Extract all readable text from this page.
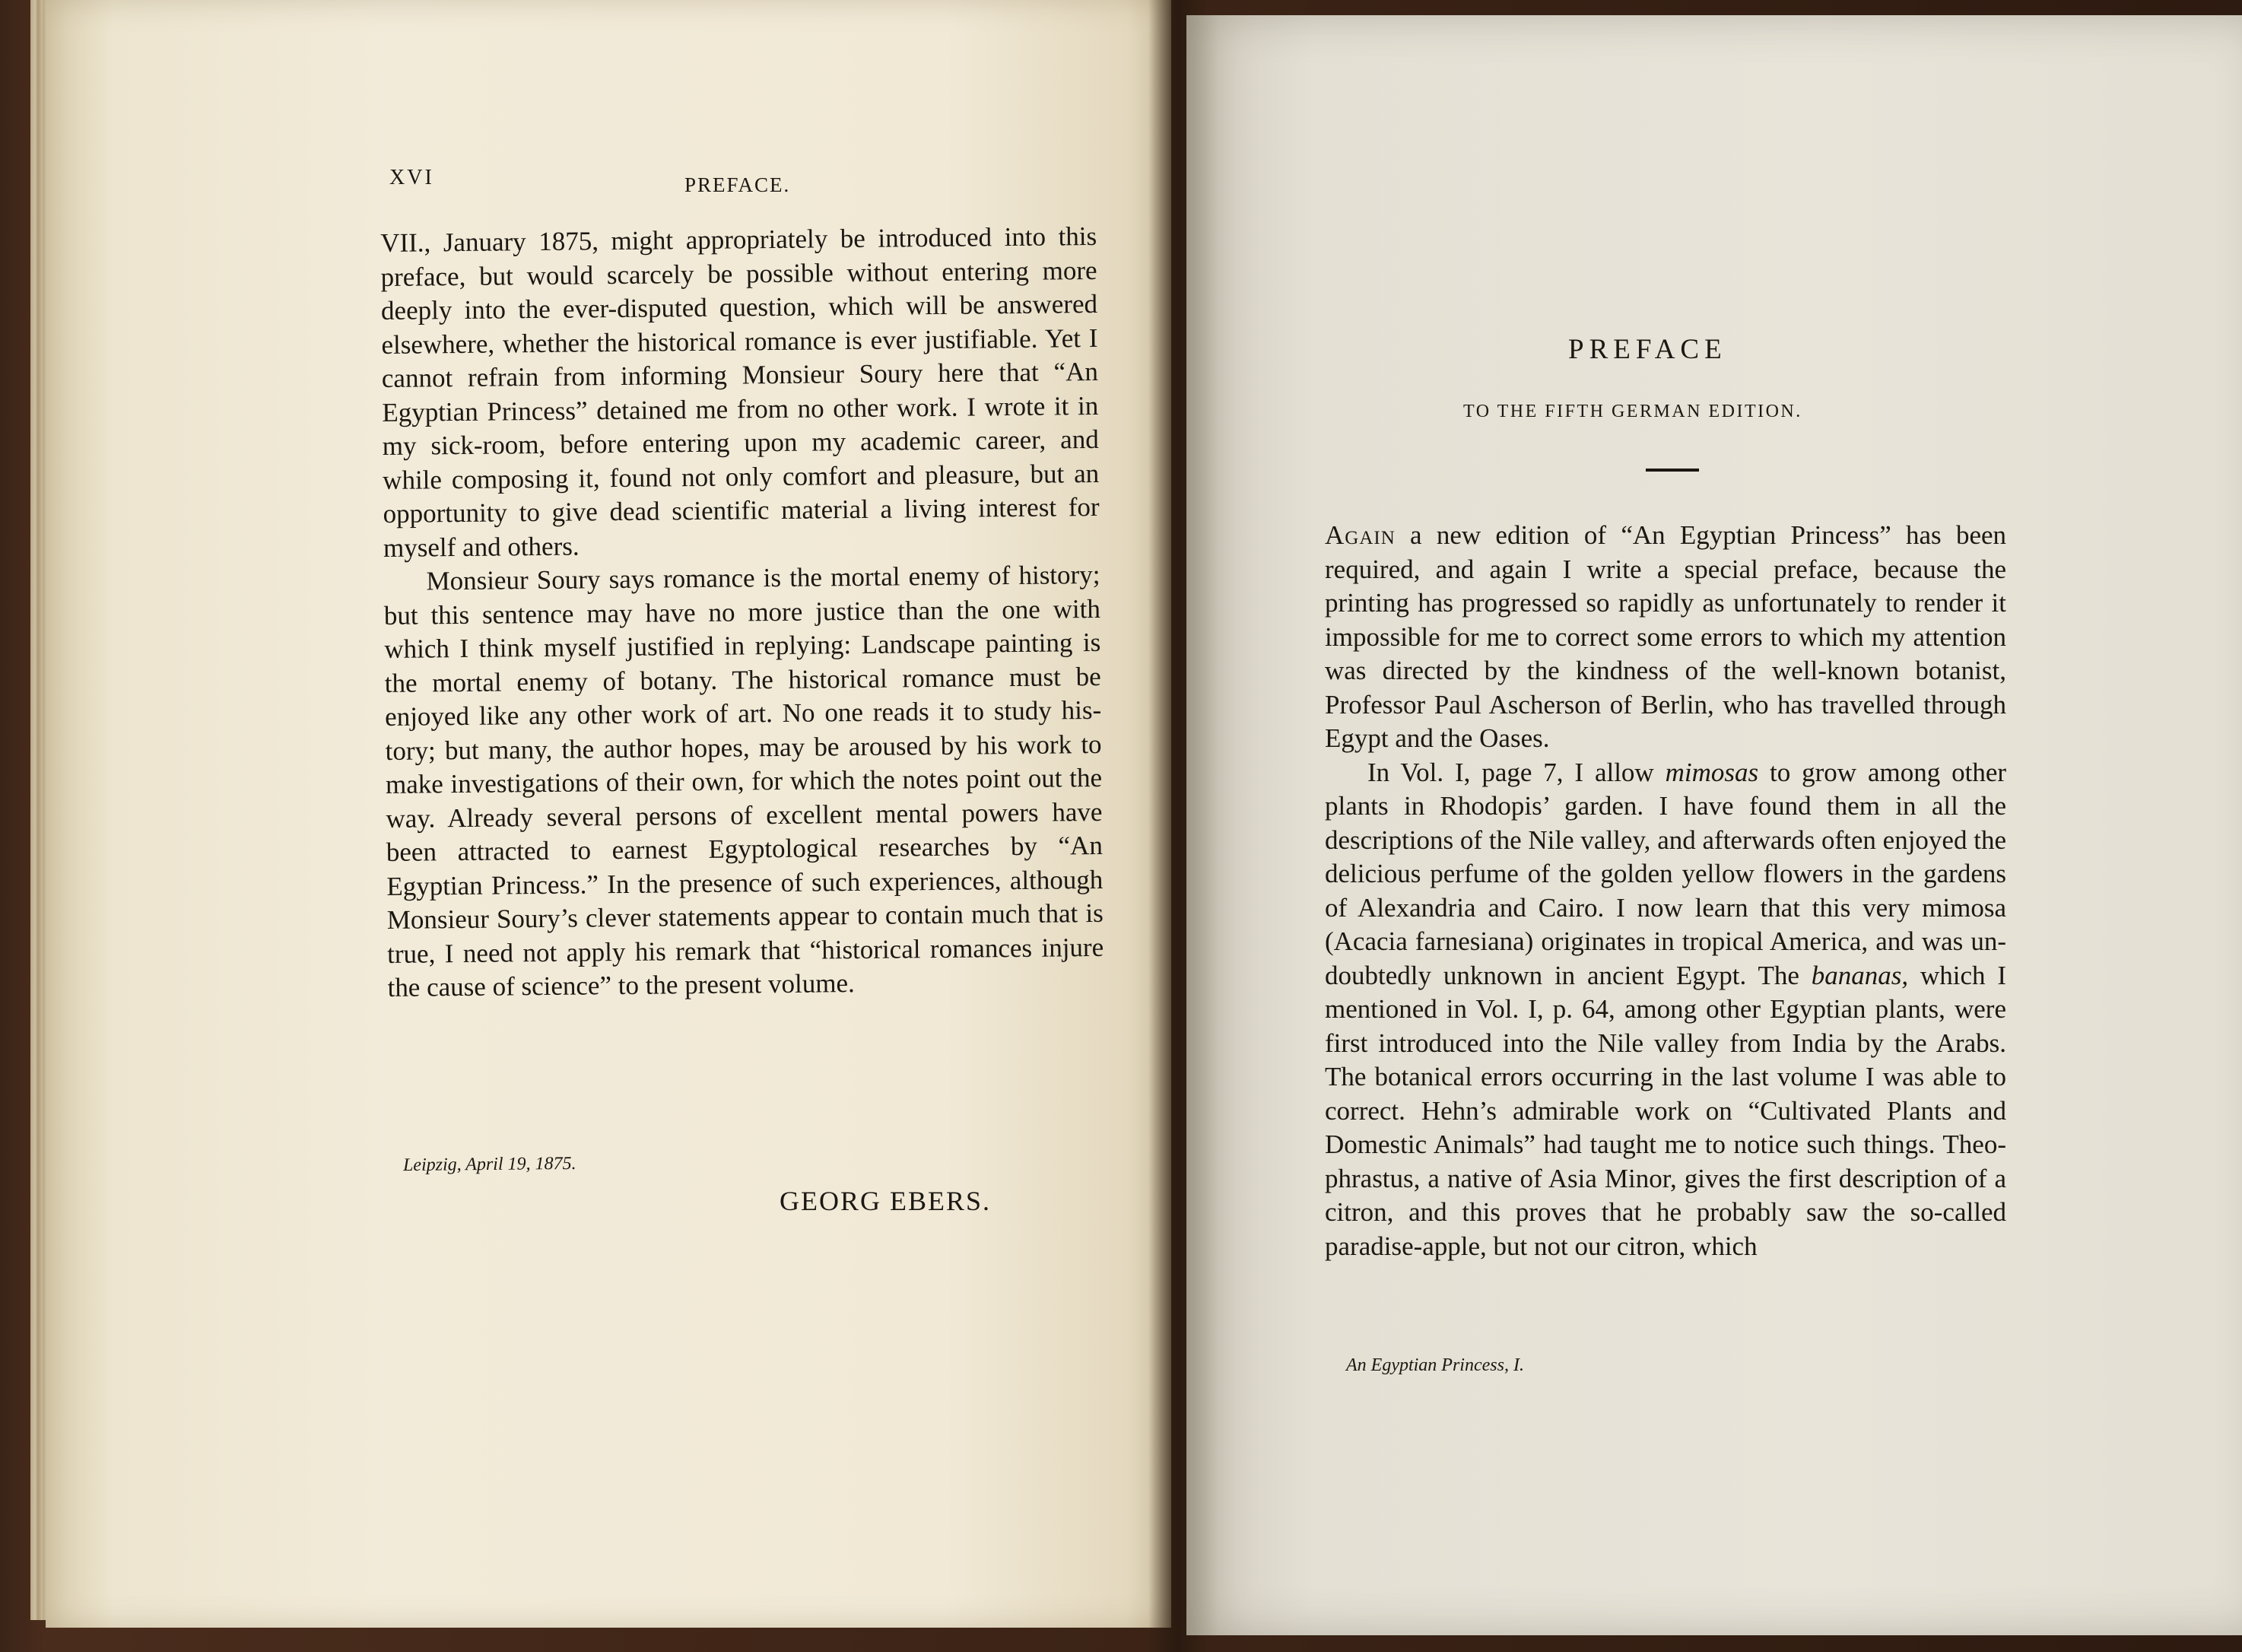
XVI	PREFACE.

VII., January 1875, might appropriately be introduced into this preface, but would scarcely be possible without entering more deeply into the ever-disputed question, which will be answered elsewhere, whether the historical romance is ever justifiable. Yet I cannot refrain from informing Monsieur Soury here that “An Egyptian Princess” detained me from no other work. I wrote it in my sick-room, before entering upon my academic career, and while composing it, found not only comfort and pleasure, but an opportunity to give dead scientific material a living interest for myself and others.

Monsieur Soury says romance is the mortal enemy of history; but this sentence may have no more justice than the one with which I think myself justified in replying: Landscape painting is the mortal enemy of botany. The historical romance must be enjoyed like any other work of art. No one reads it to study history; but many, the author hopes, may be aroused by his work to make investigations of their own, for which the notes point out the way. Already several persons of excellent mental powers have been attracted to earnest Egyptological researches by “An Egyptian Princess.” In the presence of such experiences, although Monsieur Soury’s clever statements appear to contain much that is true, I need not apply his remark that “historical romances injure the cause of science” to the present volume.

Leipzig, April 19, 1875.
GEORG EBERS.
PREFACE
TO THE FIFTH GERMAN EDITION.

Again a new edition of “An Egyptian Princess” has been required, and again I write a special preface, because the printing has progressed so rapidly as unfortunately to render it impossible for me to correct some errors to which my attention was directed by the kindness of the well-known botanist, Professor Paul Ascherson of Berlin, who has travelled through Egypt and the Oases.

In Vol. I, page 7, I allow mimosas to grow among other plants in Rhodopis’ garden. I have found them in all the descriptions of the Nile valley, and afterwards often enjoyed the delicious perfume of the golden yellow flowers in the gardens of Alexandria and Cairo. I now learn that this very mimosa (Acacia farnesiana) originates in tropical America, and was undoubtedly unknown in ancient Egypt. The bananas, which I mentioned in Vol. I, p. 64, among other Egyptian plants, were first introduced into the Nile valley from India by the Arabs. The botanical errors occurring in the last volume I was able to correct. Hehn’s admirable work on “Cultivated Plants and Domestic Animals” had taught me to notice such things. Theophrastus, a native of Asia Minor, gives the first description of a citron, and this proves that he probably saw the so-called paradise-apple, but not our citron, which

An Egyptian Princess, I.
